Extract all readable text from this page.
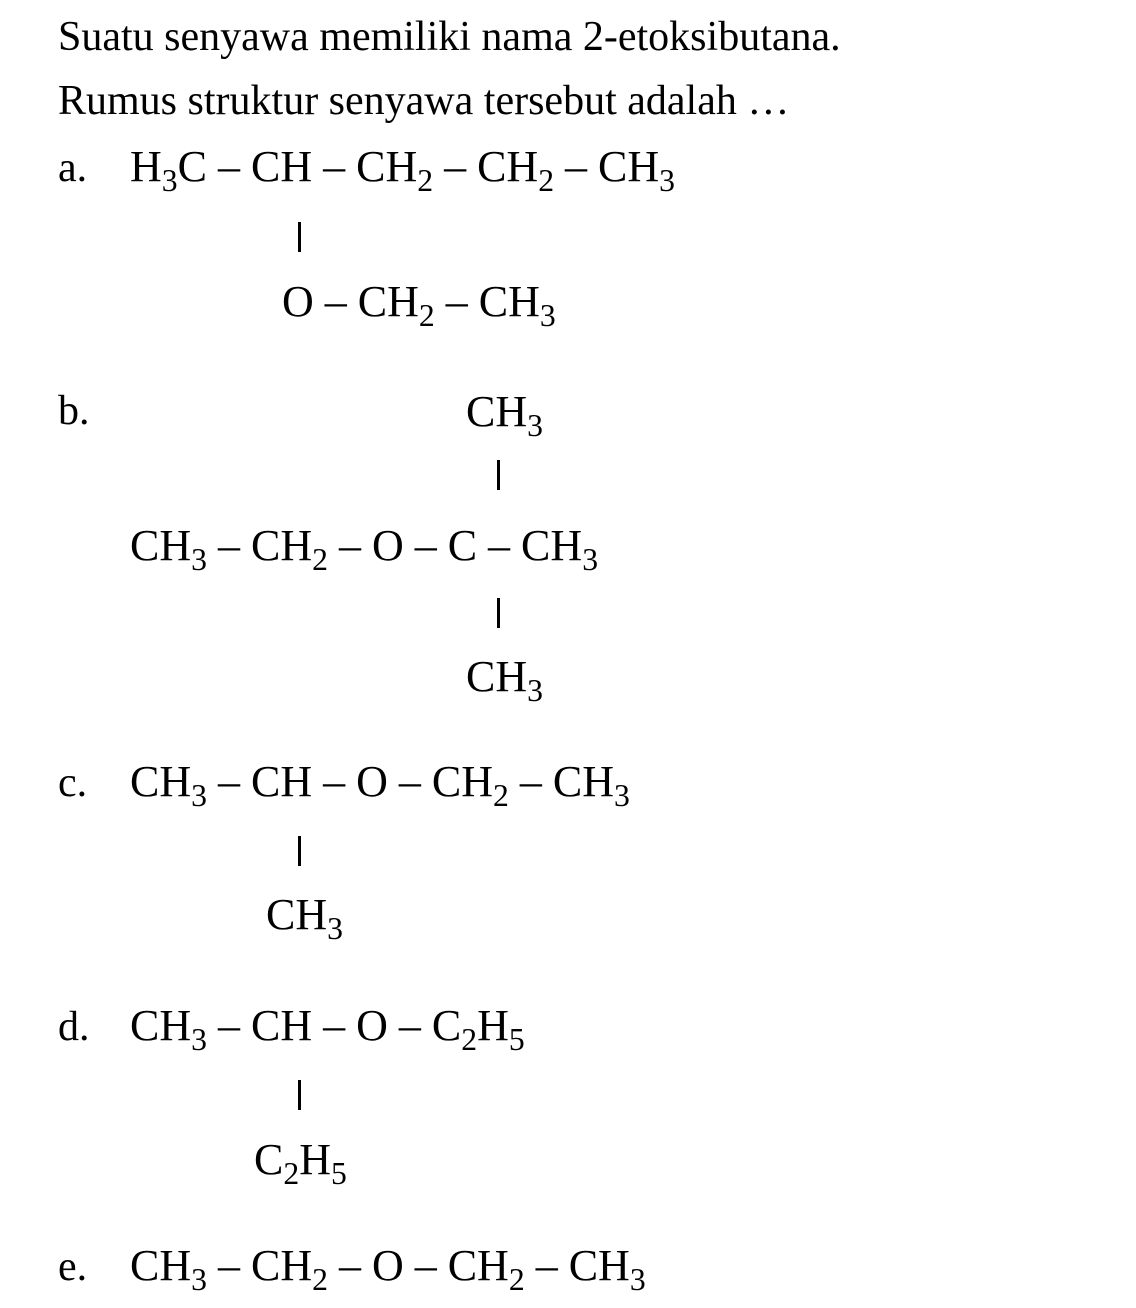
Suatu senyawa memiliki nama 2-etoksibutana.
Rumus struktur senyawa tersebut adalah …
a. $H_3C$ – CH – $CH_2 - CH_2 - CH_3$
O – $CH_2 - CH_3$
b.	$CH_3$
$CH_3 - CH_2$ – O – C – $CH_3$
$CH_3$
c. $CH_3$ – CH – O – $CH_2 - CH_3$
$CH_3$
d. $CH_3$ – CH – O – $C_2H_5$
$C_2H_5$
e. $CH_3 - CH_2$ – O – $CH_2 - CH_3$
